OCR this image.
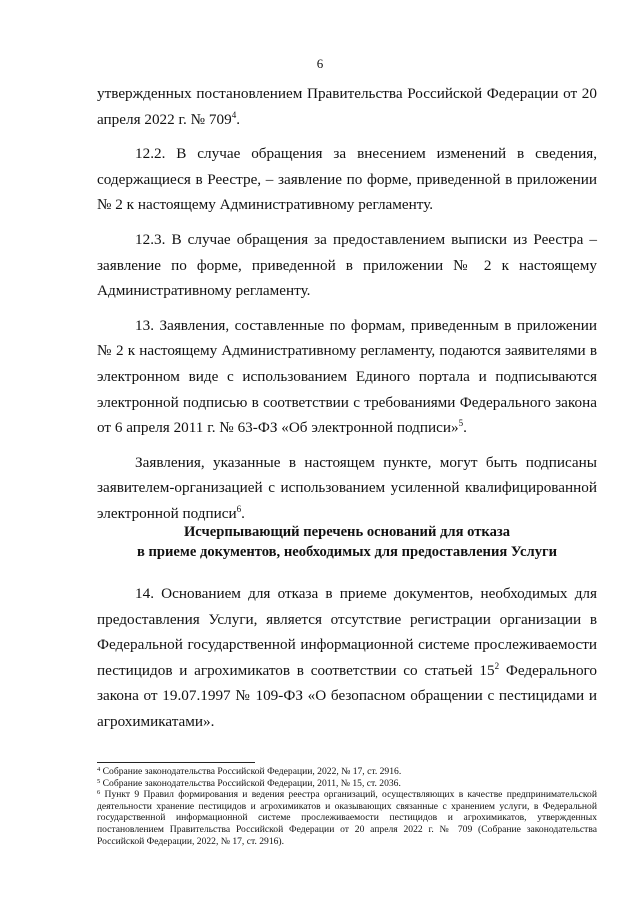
6

утвержденных постановлением Правительства Российской Федерации от 20 апреля 2022 г. № $709^4$.

12.2. В случае обращения за внесением изменений в сведения, содержащиеся в Реестре, – заявление по форме, приведенной в приложении № 2 к настоящему Административному регламенту.

12.3. В случае обращения за предоставлением выписки из Реестра – заявление по форме, приведенной в приложении № 2 к настоящему Административному регламенту.

13. Заявления, составленные по формам, приведенным в приложении № 2 к настоящему Административному регламенту, подаются заявителями в электронном виде с использованием Единого портала и подписываются электронной подписью в соответствии с требованиями Федерального закона от 6 апреля 2011 г. № 63-ФЗ «Об электронной подписи»$^5$.

Заявления, указанные в настоящем пункте, могут быть подписаны заявителем-организацией с использованием усиленной квалифицированной электронной подписи$^6$.

Исчерпывающий перечень оснований для отказа
в приеме документов, необходимых для предоставления Услуги

14. Основанием для отказа в приеме документов, необходимых для предоставления Услуги, является отсутствие регистрации организации в Федеральной государственной информационной системе прослеживаемости пестицидов и агрохимикатов в соответствии со статьей $15^2$ Федерального закона от 19.07.1997 № 109-ФЗ «О безопасном обращении с пестицидами и агрохимикатами».

$^4$ Собрание законодательства Российской Федерации, 2022, № 17, ст. 2916.

$^5$ Собрание законодательства Российской Федерации, 2011, № 15, ст. 2036.

$^6$ Пункт 9 Правил формирования и ведения реестра организаций, осуществляющих в качестве предпринимательской деятельности хранение пестицидов и агрохимикатов и оказывающих связанные с хранением услуги, в Федеральной государственной информационной системе прослеживаемости пестицидов и агрохимикатов, утвержденных постановлением Правительства Российской Федерации от 20 апреля 2022 г. № 709 (Собрание законодательства Российской Федерации, 2022, № 17, ст. 2916).
